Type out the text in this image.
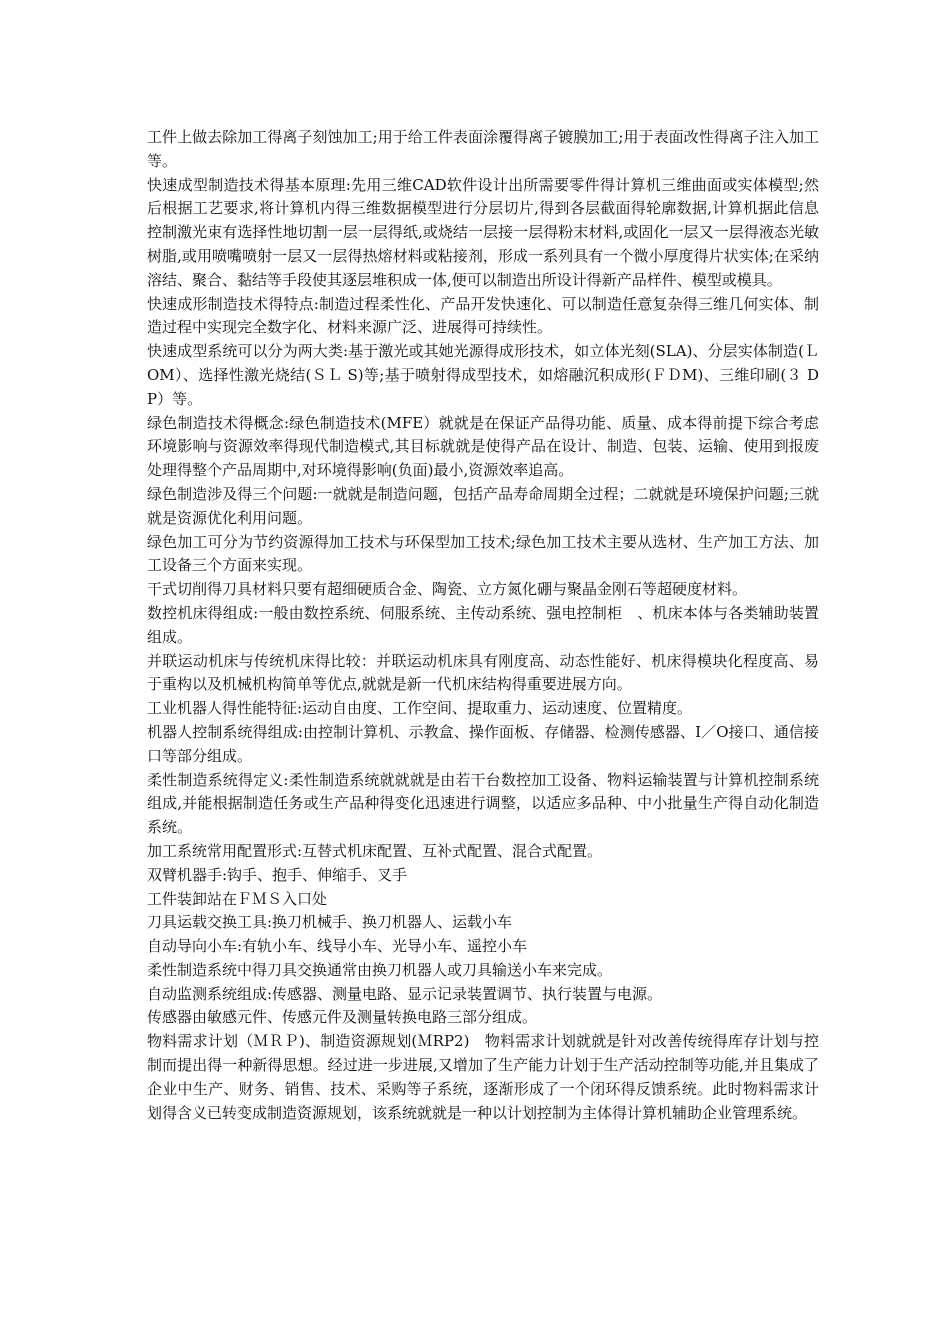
工件上做去除加工得离子刻蚀加工;用于给工件表面涂覆得离子镀膜加工;用于表面改性得离子注入加工等。

快速成型制造技术得基本原理:先用三维CAD软件设计出所需要零件得计算机三维曲面或实体模型;然后根据工艺要求,将计算机内得三维数据模型进行分层切片,得到各层截面得轮廓数据,计算机据此信息控制激光束有选择性地切割一层一层得纸,或烧结一层接一层得粉末材料,或固化一层又一层得液态光敏树脂,或用喷嘴喷射一层又一层得热熔材料或粘接剂，形成一系列具有一个微小厚度得片状实体;在采纳溶结、聚合、黏结等手段使其逐层堆积成一体,便可以制造出所设计得新产品样件、模型或模具。

快速成形制造技术得特点:制造过程柔性化、产品开发快速化、可以制造任意复杂得三维几何实体、制造过程中实现完全数字化、材料来源广泛、进展得可持续性。

快速成型系统可以分为两大类:基于激光或其她光源得成形技术，如立体光刻(SLA)、分层实体制造(ＬOM）、选择性激光烧结(ＳＬ S)等;基于喷射得成型技术，如熔融沉积成形(ＦＤM)、三维印刷(３ DP）等。

绿色制造技术得概念:绿色制造技术(MFE）就就是在保证产品得功能、质量、成本得前提下综合考虑环境影响与资源效率得现代制造模式,其目标就就是使得产品在设计、制造、包装、运输、使用到报废处理得整个产品周期中,对环境得影响(负面)最小,资源效率追高。

绿色制造涉及得三个问题:一就就是制造问题，包括产品寿命周期全过程；二就就是环境保护问题;三就就是资源优化利用问题。

绿色加工可分为节约资源得加工技术与环保型加工技术;绿色加工技术主要从选材、生产加工方法、加工设备三个方面来实现。

干式切削得刀具材料只要有超细硬质合金、陶瓷、立方氮化硼与聚晶金刚石等超硬度材料。

数控机床得组成:一般由数控系统、伺服系统、主传动系统、强电控制柜　、机床本体与各类辅助装置组成。

并联运动机床与传统机床得比较：并联运动机床具有刚度高、动态性能好、机床得模块化程度高、易于重构以及机械机构简单等优点,就就是新一代机床结构得重要进展方向。

工业机器人得性能特征:运动自由度、工作空间、提取重力、运动速度、位置精度。

机器人控制系统得组成:由控制计算机、示教盒、操作面板、存储器、检测传感器、I／O接口、通信接口等部分组成。

柔性制造系统得定义:柔性制造系统就就就是由若干台数控加工设备、物料运输装置与计算机控制系统组成,并能根据制造任务或生产品种得变化迅速进行调整，以适应多品种、中小批量生产得自动化制造系统。

加工系统常用配置形式:互替式机床配置、互补式配置、混合式配置。

双臂机器手:钩手、抱手、伸缩手、叉手

工件装卸站在ＦＭＳ入口处

刀具运载交换工具:换刀机械手、换刀机器人、运载小车

自动导向小车:有轨小车、线导小车、光导小车、遥控小车

柔性制造系统中得刀具交换通常由换刀机器人或刀具输送小车来完成。

自动监测系统组成:传感器、测量电路、显示记录装置调节、执行装置与电源。

传感器由敏感元件、传感元件及测量转换电路三部分组成。

物料需求计划（ＭＲＰ)、制造资源规划(ＭRP2)　物料需求计划就就是针对改善传统得库存计划与控制而提出得一种新得思想。经过进一步进展,又增加了生产能力计划于生产活动控制等功能,并且集成了企业中生产、财务、销售、技术、采购等子系统，逐渐形成了一个闭环得反馈系统。此时物料需求计划得含义已转变成制造资源规划，该系统就就是一种以计划控制为主体得计算机辅助企业管理系统。
